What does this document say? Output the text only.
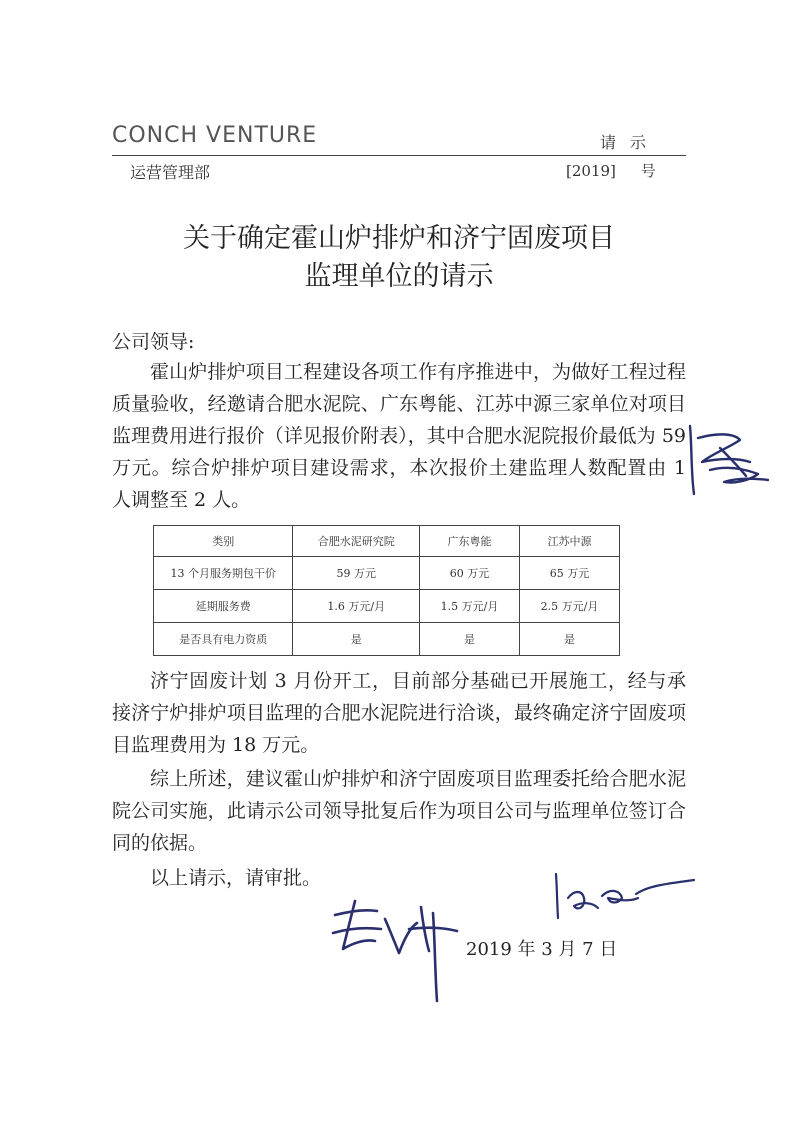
CONCH VENTURE	请示
运营管理部	[2019] 号
关于确定霍山炉排炉和济宁固废项目
监理单位的请示
公司领导:
霍山炉排炉项目工程建设各项工作有序推进中，为做好工程过程质量验收，经邀请合肥水泥院、广东粤能、江苏中源三家单位对项目监理费用进行报价（详见报价附表），其中合肥水泥院报价最低为 59 万元。综合炉排炉项目建设需求，本次报价土建监理人数配置由 1 人调整至 2 人。
类别	合肥水泥研究院	广东粤能	江苏中源
13 个月服务期包干价	59 万元	60 万元	65 万元
延期服务费	1.6 万元/月	1.5 万元/月	2.5 万元/月
是否具有电力资质	是	是	是
济宁固废计划 3 月份开工，目前部分基础已开展施工，经与承接济宁炉排炉项目监理的合肥水泥院进行洽谈，最终确定济宁固废项目监理费用为 18 万元。
综上所述，建议霍山炉排炉和济宁固废项目监理委托给合肥水泥院公司实施，此请示公司领导批复后作为项目公司与监理单位签订合同的依据。
以上请示，请审批。
2019 年 3 月 7 日
